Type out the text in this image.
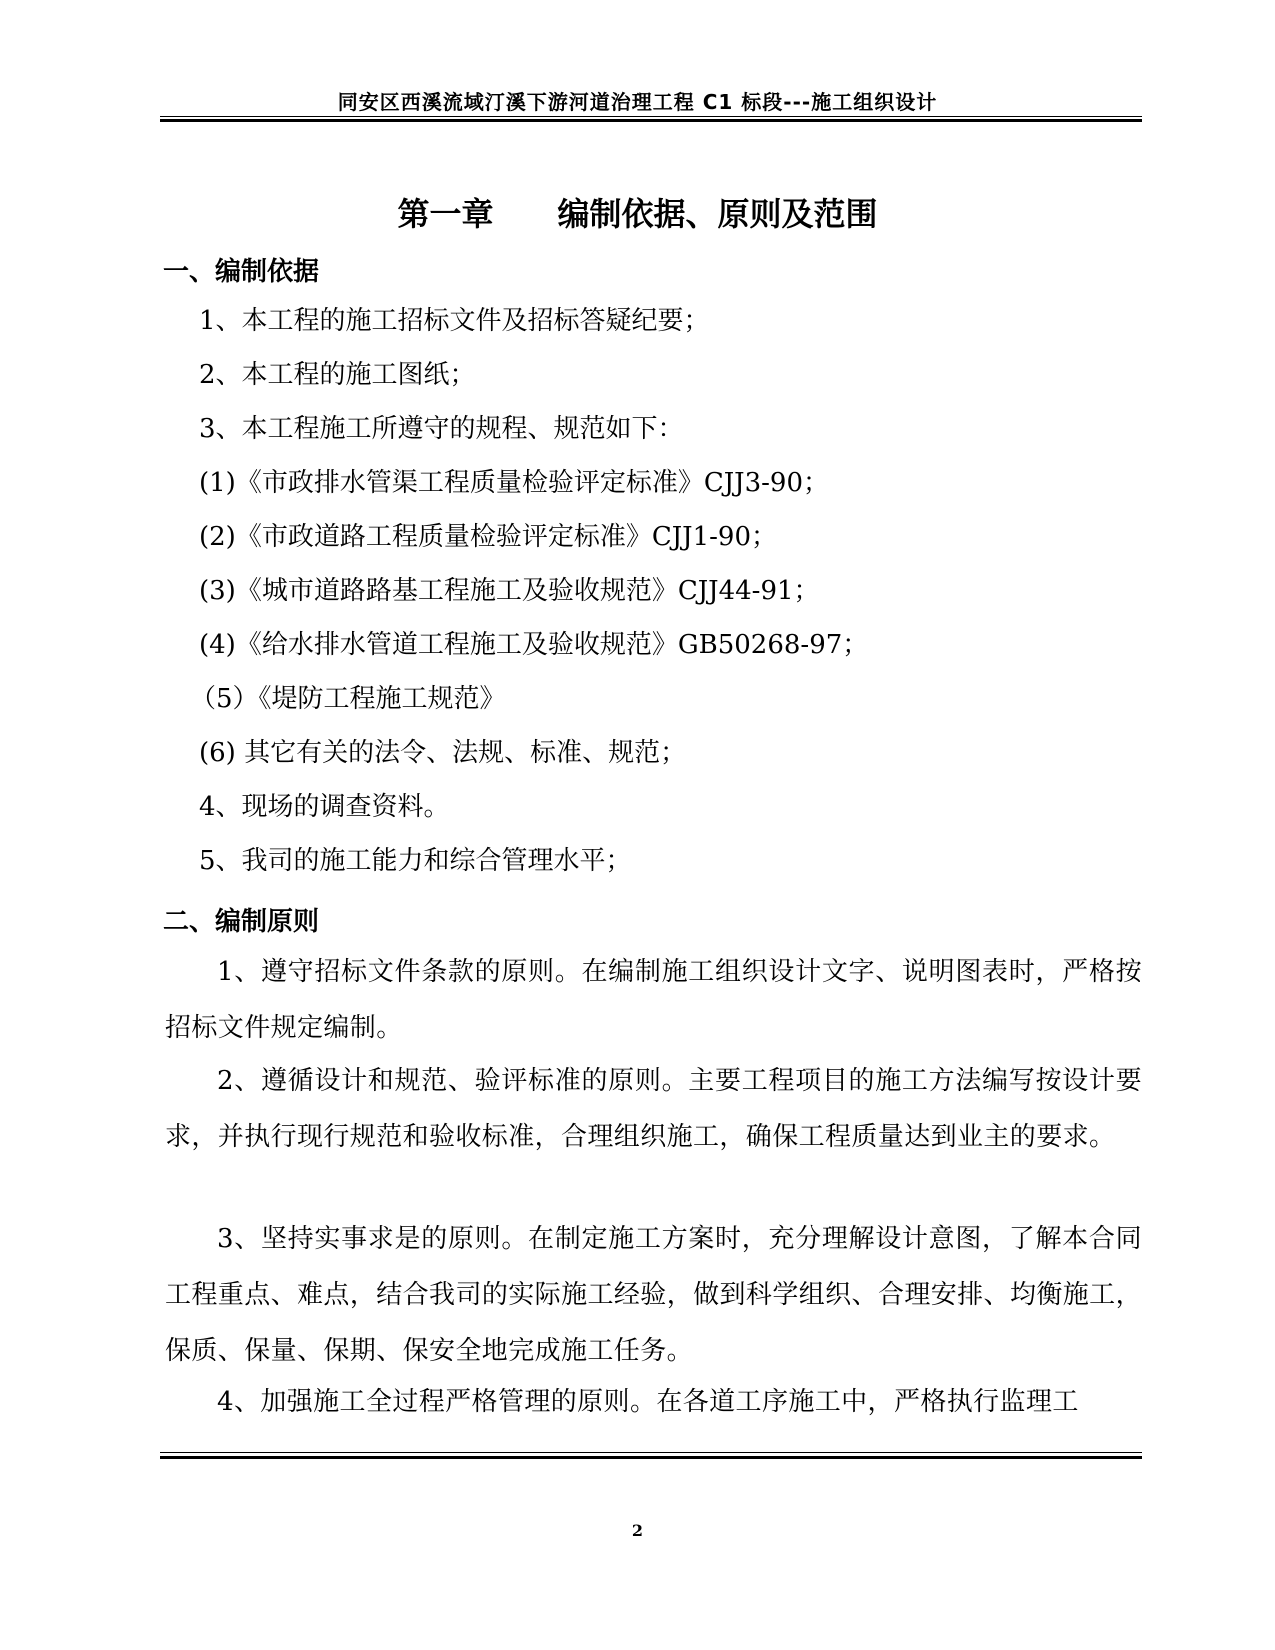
同安区西溪流域汀溪下游河道治理工程 C1 标段---施工组织设计
第一章 编制依据、原则及范围
一、编制依据
1、本工程的施工招标文件及招标答疑纪要；
2、本工程的施工图纸；
3、本工程施工所遵守的规程、规范如下：
(1)《市政排水管渠工程质量检验评定标准》CJJ3-90；
(2)《市政道路工程质量检验评定标准》CJJ1-90；
(3)《城市道路路基工程施工及验收规范》CJJ44-91；
(4)《给水排水管道工程施工及验收规范》GB50268-97；
（5）《堤防工程施工规范》
(6) 其它有关的法令、法规、标准、规范；
4、现场的调查资料。
5、我司的施工能力和综合管理水平；
二、编制原则
1、遵守招标文件条款的原则。在编制施工组织设计文字、说明图表时，严格按招标文件规定编制。
2、遵循设计和规范、验评标准的原则。主要工程项目的施工方法编写按设计要求，并执行现行规范和验收标准，合理组织施工，确保工程质量达到业主的要求。
3、坚持实事求是的原则。在制定施工方案时，充分理解设计意图，了解本合同工程重点、难点，结合我司的实际施工经验，做到科学组织、合理安排、均衡施工，保质、保量、保期、保安全地完成施工任务。
4、加强施工全过程严格管理的原则。在各道工序施工中，严格执行监理工
2
